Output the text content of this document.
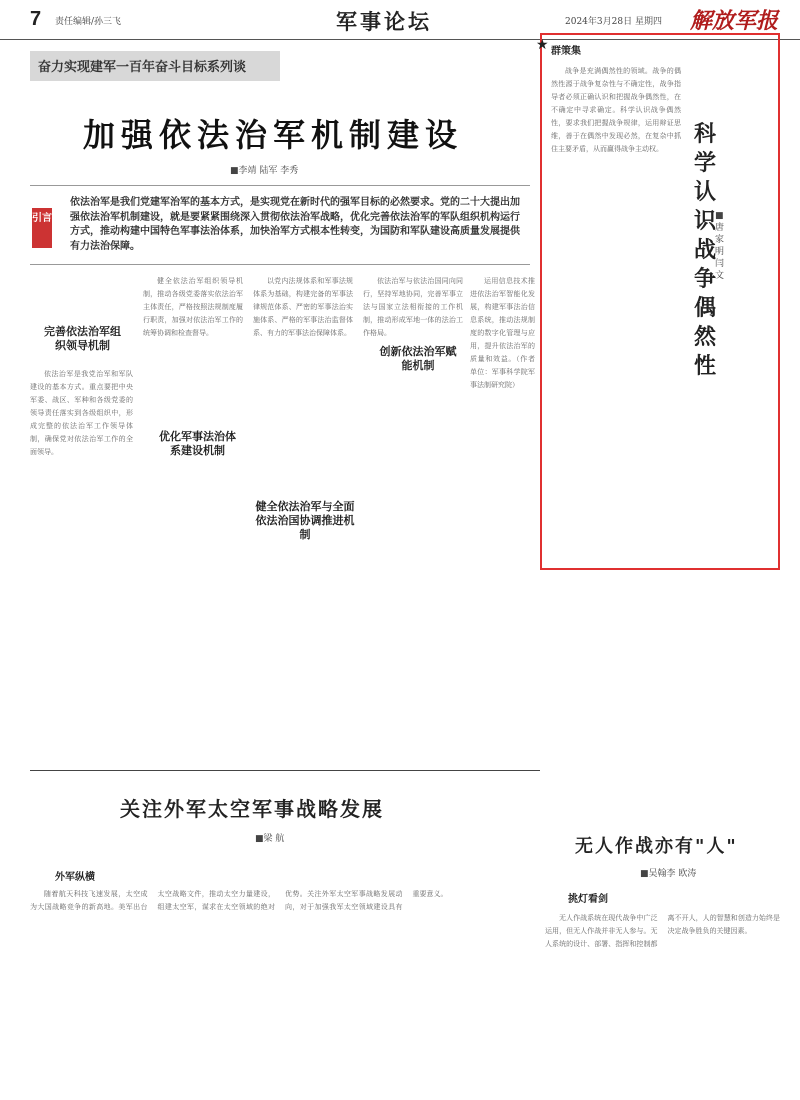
7 责任编辑/孙三飞	军事论坛	2024年3月28日 星期四 解放军报
奋力实现建军一百年奋斗目标系列谈
加强依法治军机制建设
■李靖 陆军 李秀
引言
依法治军是我们党建军治军的基本方式，是实现党在新时代的强军目标的必然要求。党的二十大提出加强依法治军机制建设，就是要紧紧围绕深入贯彻依法治军战略，优化完善依法治军的军队组织机构运行方式，推动构建中国特色军事法治体系，加快治军方式根本性转变，为国防和军队建设高质量发展提供有力法治保障。
完善依法治军组织领导机制
依法治军是我党治军和军队建设的基本方式。重点要把中央军委、战区、军种和各级党委的领导责任落实到各级组织中，形成完整的依法治军工作领导体制，确保党对依法治军工作的全面领导。
健全依法治军组织领导机制，推动各级党委落实依法治军主体责任，严格按照法规制度履行职责，加强对依法治军工作的统筹协调和检查督导。
优化军事法治体系建设机制
以党内法规体系和军事法规体系为基础，构建完备的军事法律规范体系、严密的军事法治实施体系、严格的军事法治监督体系、有力的军事法治保障体系。
健全依法治军与全面依法治国协调推进机制
依法治军与依法治国同向同行，坚持军地协同，完善军事立法与国家立法相衔接的工作机制，推动形成军地一体的法治工作格局。
创新依法治军赋能机制
运用信息技术推进依法治军智能化发展，构建军事法治信息系统，推动法规制度的数字化管理与应用，提升依法治军的质量和效益。（作者单位：军事科学院军事法制研究院）
★ 群策集
科学认识战争偶然性
■唐家明 闫文
战争是充满偶然性的领域。战争的偶然性源于战争复杂性与不确定性，战争指导者必须正确认识和把握战争偶然性，在不确定中寻求确定。科学认识战争偶然性，要求我们把握战争规律，运用辩证思维，善于在偶然中发现必然，在复杂中抓住主要矛盾，从而赢得战争主动权。
关注外军太空军事战略发展
■梁 航
外军纵横
随着航天科技飞速发展，太空成为大国战略竞争的新高地。美军出台太空战略文件，推动太空力量建设，组建太空军，谋求在太空领域的绝对优势。关注外军太空军事战略发展动向，对于加强我军太空领域建设具有重要意义。
无人作战亦有"人"
■吴翰李 欧涛
挑灯看剑
无人作战系统在现代战争中广泛运用，但无人作战并非无人参与。无人系统的设计、部署、指挥和控制都离不开人，人的智慧和创造力始终是决定战争胜负的关键因素。
